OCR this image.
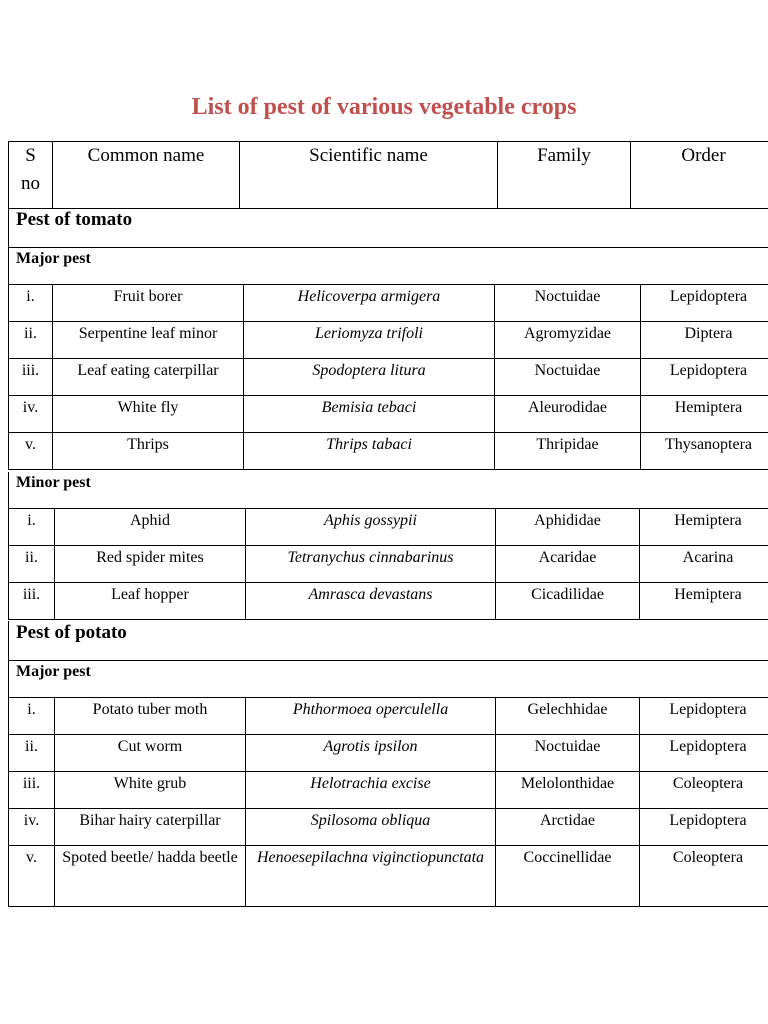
List of pest of various vegetable crops
S
no	Common name	Scientific name	Family	Order
Pest of tomato
Major pest
i.	Fruit borer	Helicoverpa armigera	Noctuidae	Lepidoptera
ii.	Serpentine leaf minor	Leriomyza trifoli	Agromyzidae	Diptera
iii.	Leaf eating caterpillar	Spodoptera litura	Noctuidae	Lepidoptera
iv.	White fly	Bemisia tebaci	Aleurodidae	Hemiptera
v.	Thrips	Thrips tabaci	Thripidae	Thysanoptera
Minor pest
i.	Aphid	Aphis gossypii	Aphididae	Hemiptera
ii.	Red spider mites	Tetranychus cinnabarinus	Acaridae	Acarina
iii.	Leaf hopper	Amrasca devastans	Cicadilidae	Hemiptera
Pest of potato
Major pest
i.	Potato tuber moth	Phthormoea operculella	Gelechhidae	Lepidoptera
ii.	Cut worm	Agrotis ipsilon	Noctuidae	Lepidoptera
iii.	White grub	Helotrachia excise	Melolonthidae	Coleoptera
iv.	Bihar hairy caterpillar	Spilosoma obliqua	Arctidae	Lepidoptera
v.	Spoted beetle/ hadda beetle	Henoesepilachna viginctiopunctata	Coccinellidae	Coleoptera
